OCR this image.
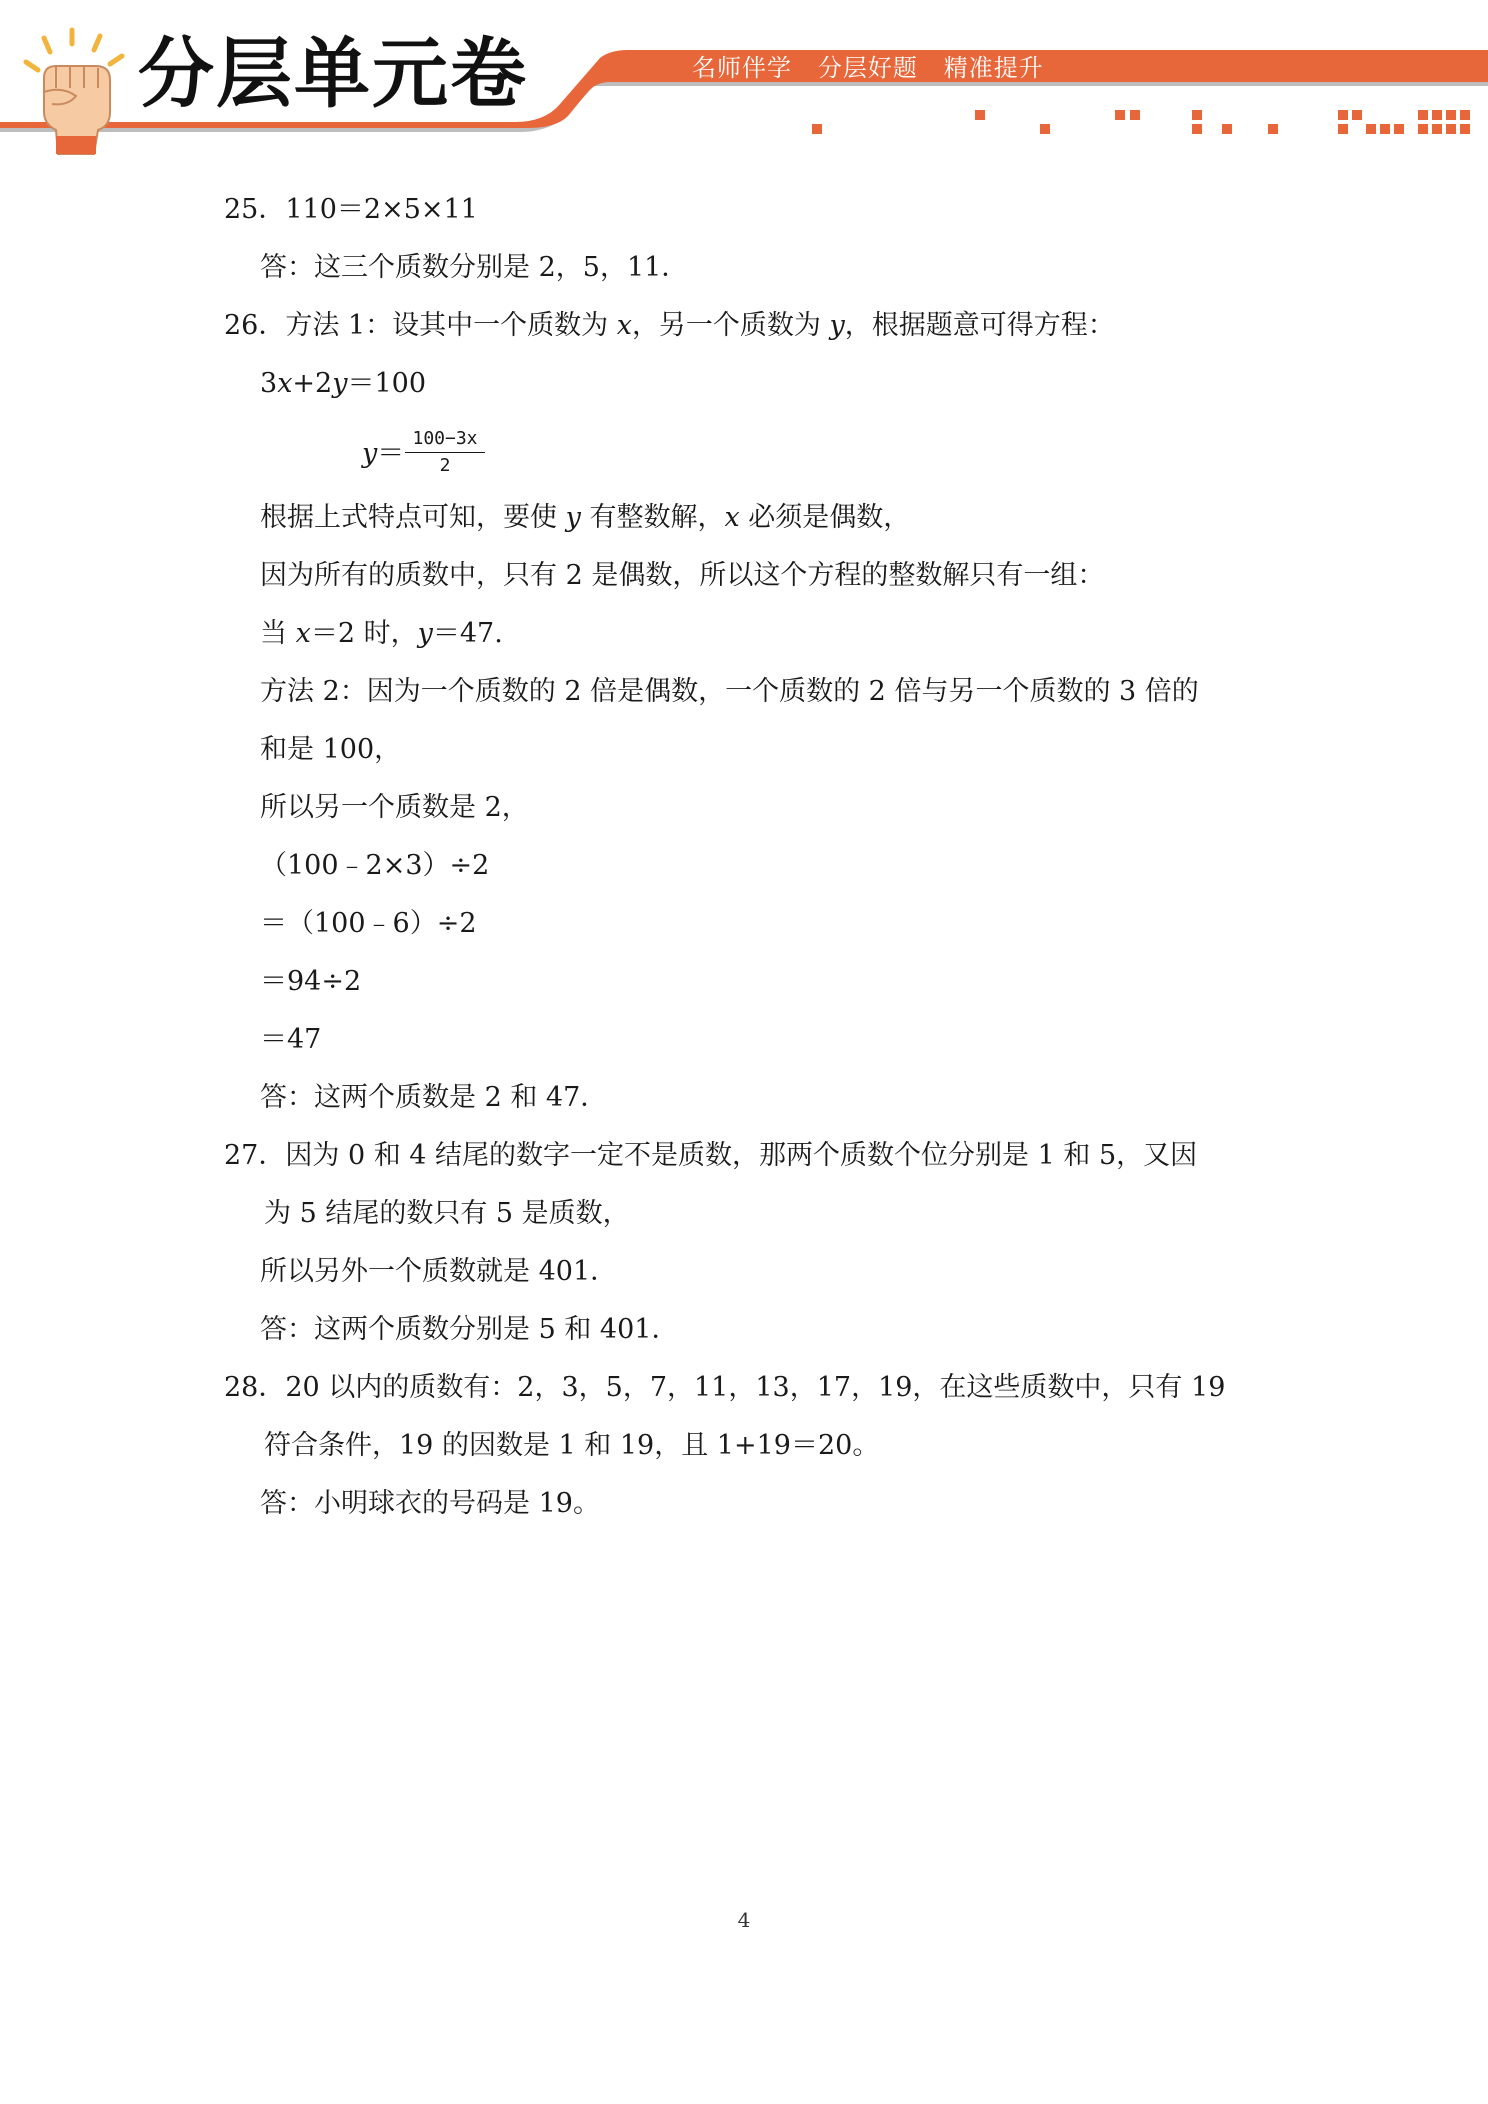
分层单元卷	名师伴学   分层好题   精准提升
25．110＝2×5×11
答：这三个质数分别是 2，5，11．
26．方法 1：设其中一个质数为 x，另一个质数为 y，根据题意可得方程：
3x+2y＝100
$y= \frac{100-3x}{2}$
根据上式特点可知，要使 y 有整数解，x 必须是偶数，
因为所有的质数中，只有 2 是偶数，所以这个方程的整数解只有一组：
当 x＝2 时，y＝47.
方法 2：因为一个质数的 2 倍是偶数，一个质数的 2 倍与另一个质数的 3 倍的
和是 100，
所以另一个质数是 2，
（100﹣2×3）÷2
＝（100﹣6）÷2
＝94÷2
＝47
答：这两个质数是 2 和 47．
27．因为 0 和 4 结尾的数字一定不是质数，那两个质数个位分别是 1 和 5，又因
为 5 结尾的数只有 5 是质数，
所以另外一个质数就是 401．
答：这两个质数分别是 5 和 401．
28．20 以内的质数有：2，3，5，7，11，13，17，19，在这些质数中，只有 19
符合条件，19 的因数是 1 和 19，且 1+19＝20。
答：小明球衣的号码是 19。
4
